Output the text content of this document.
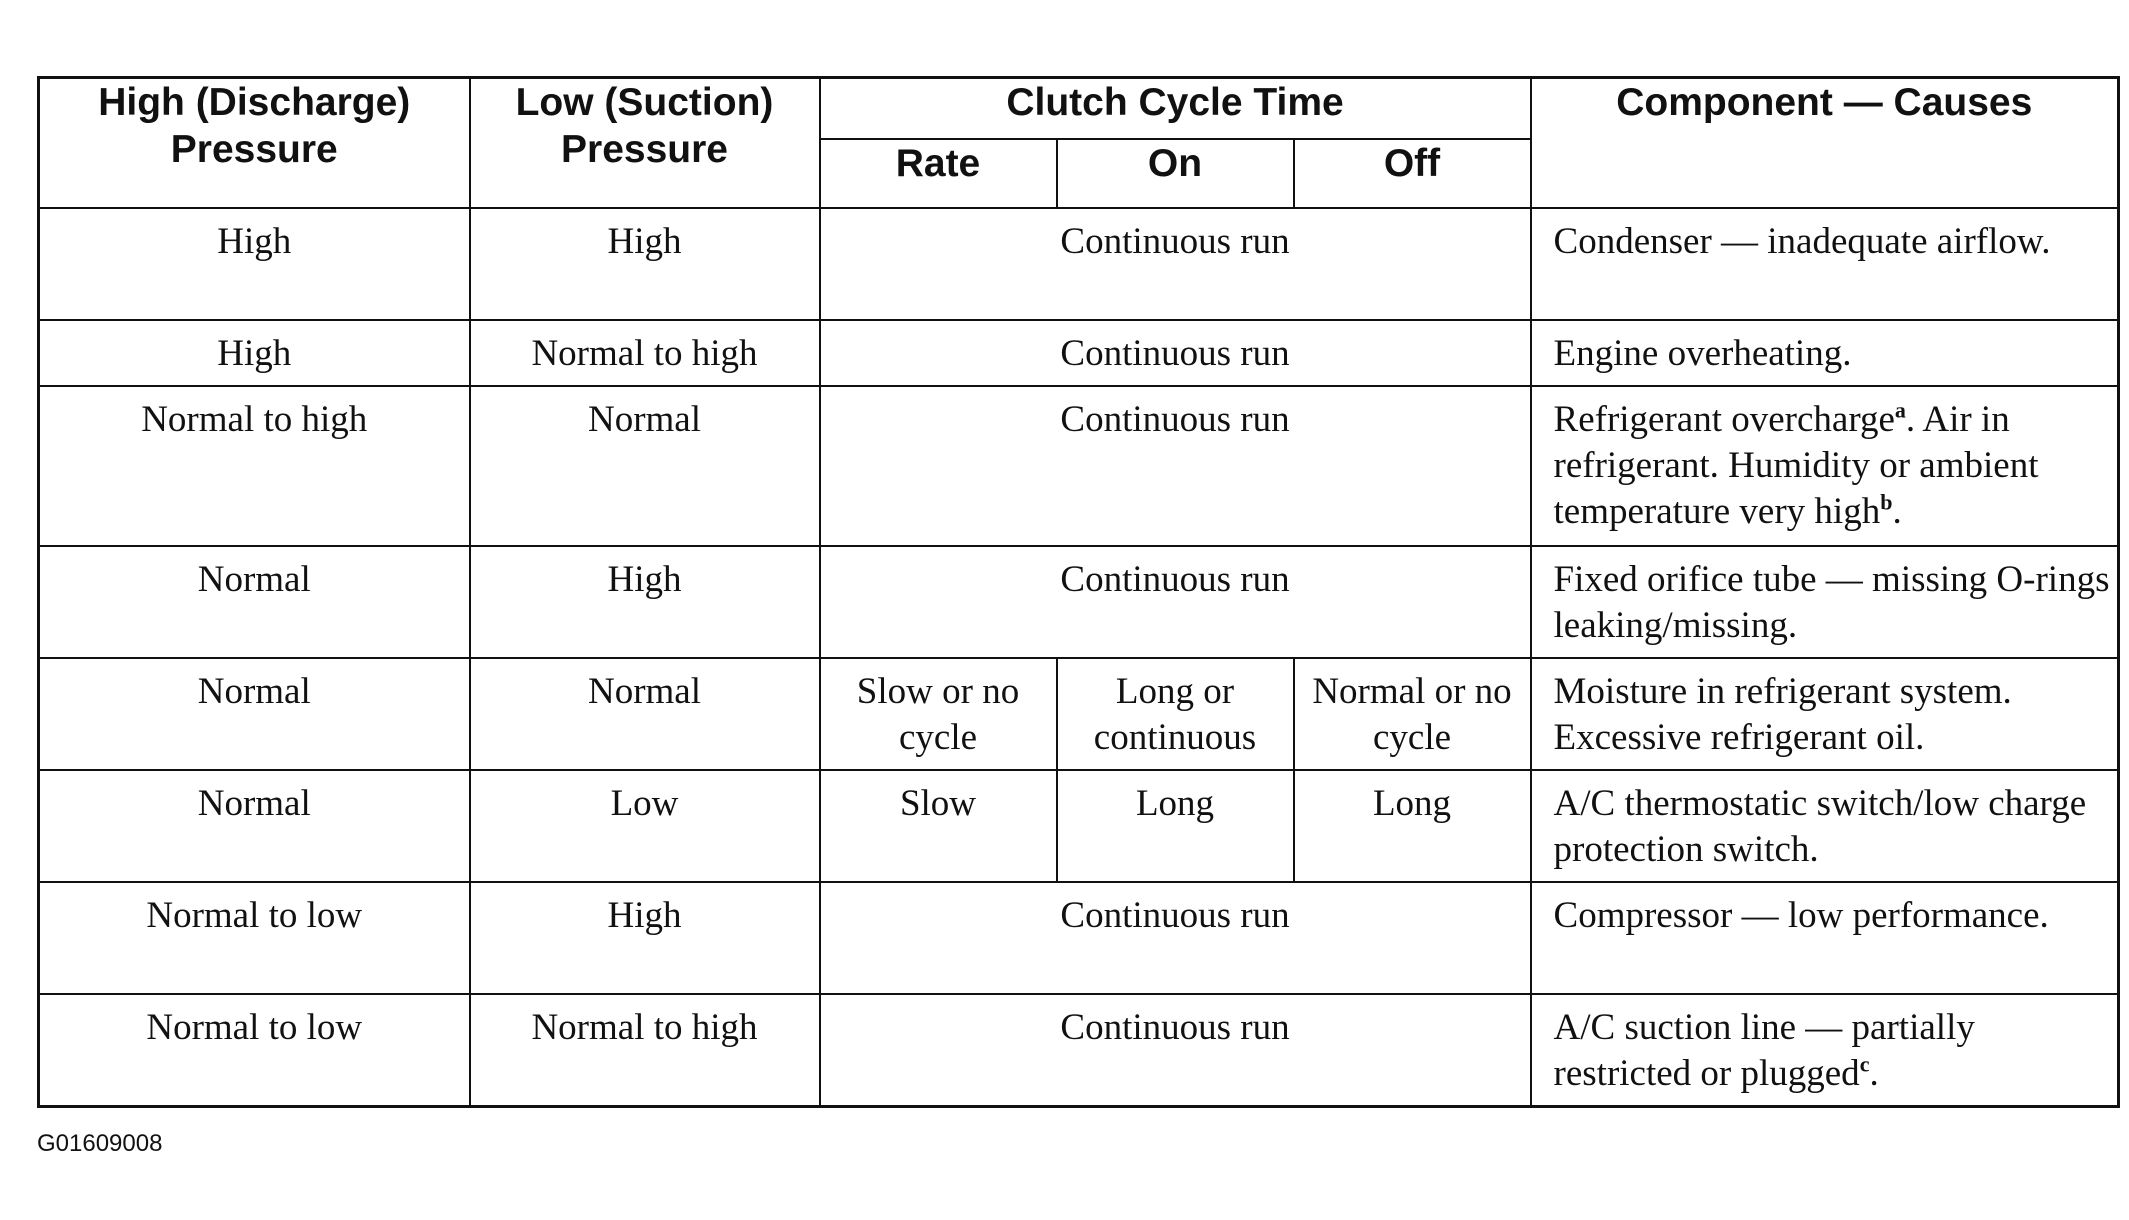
High (Discharge) Pressure	Low (Suction) Pressure	Clutch Cycle Time			Component — Causes
		Rate	On	Off	
High	High	Continuous run			Condenser — inadequate airflow.
High	Normal to high	Continuous run			Engine overheating.
Normal to high	Normal	Continuous run			Refrigerant overcharge$^a$. Air in refrigerant. Humidity or ambient temperature very high$^b$.
Normal	High	Continuous run			Fixed orifice tube — missing O-rings leaking/missing.
Normal	Normal	Slow or no cycle	Long or continuous	Normal or no cycle	Moisture in refrigerant system. Excessive refrigerant oil.
Normal	Low	Slow	Long	Long	A/C thermostatic switch/low charge protection switch.
Normal to low	High	Continuous run			Compressor — low performance.
Normal to low	Normal to high	Continuous run			A/C suction line — partially restricted or plugged$^c$.
G01609008
